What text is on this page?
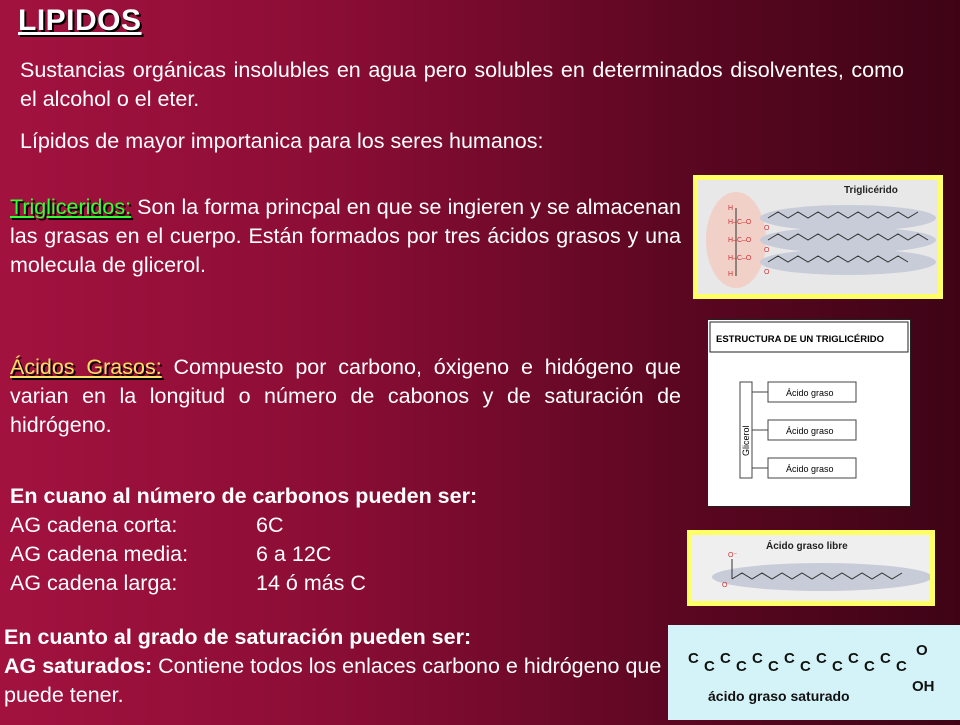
LIPIDOS
Sustancias orgánicas insolubles en agua pero solubles en determinados disolventes, como el alcohol o el eter.
Lípidos de mayor importanica para los seres humanos:
Trigliceridos: Son la forma princpal en que se ingieren y se almacenan las grasas en el cuerpo. Están formados por tres ácidos grasos y una molecula de glicerol.
Ácidos Grasos: Compuesto por carbono, óxigeno e hidógeno que varian en la longitud o número de cabonos y de saturación de hidrógeno.
En cuano al número de carbonos pueden ser:
AG cadena corta:	6C
AG cadena media:	6 a 12C
AG cadena larga:	14 ó más C
En cuanto al grado de saturación pueden ser:
AG saturados: Contiene todos los enlaces carbono e hidrógeno que puede tener.
Triglicérido
H
H–C–O
H–C–O
H–C–O
H
O
O
O
ESTRUCTURA DE UN TRIGLICÉRIDO
Glicerol
Ácido graso
Ácido graso
Ácido graso
Ácido graso libre
O⁻
O
C C C C C C C C C C C C C C
O
OH
ácido graso saturado
